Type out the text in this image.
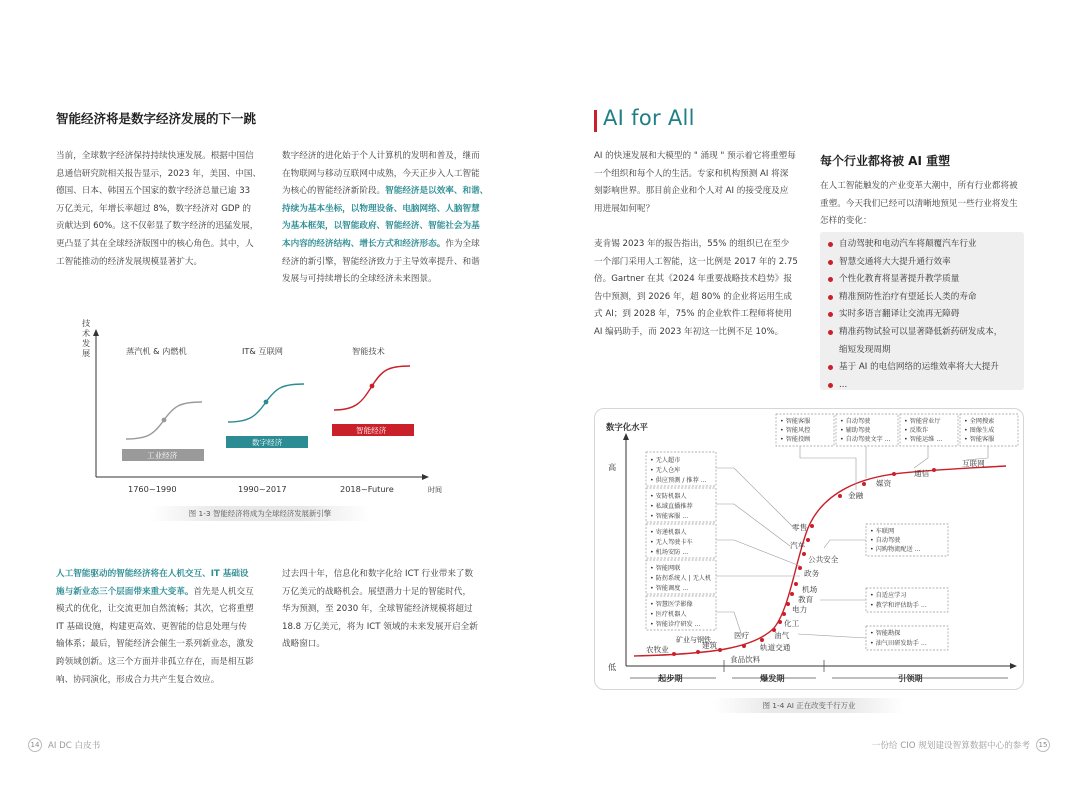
智能经济将是数字经济发展的下一跳
当前，全球数字经济保持持续快速发展。根据中国信
息通信研究院相关报告显示，2023 年，美国、中国、
德国、日本、韩国五个国家的数字经济总量已逾 33
万亿美元，年增长率超过 8%，数字经济对 GDP 的
贡献达到 60%。这不仅彰显了数字经济的迅猛发展，
更凸显了其在全球经济版图中的核心角色。其中，人
工智能推动的经济发展规模显著扩大。
数字经济的进化始于个人计算机的发明和普及，继而
在物联网与移动互联网中成熟，今天正步入人工智能
为核心的智能经济新阶段。智能经济是以效率、和谐、
持续为基本坐标，以物理设备、电脑网络、人脑智慧
为基本框架，以智能政府、智能经济、智能社会为基
本内容的经济结构、增长方式和经济形态。作为全球
经济的新引擎，智能经济致力于主导效率提升、和谐
发展与可持续增长的全球经济未来图景。
技
术
发
展	蒸汽机 & 内燃机	IT& 互联网	智能技术
工业经济
数字经济
智能经济
1760~1990	1990~2017	2018~Future	时间
图 1-3 智能经济将成为全球经济发展新引擎
人工智能驱动的智能经济将在人机交互、IT 基础设
施与新业态三个层面带来重大变革。首先是人机交互
模式的优化，让交流更加自然流畅；其次，它将重塑
IT 基础设施，构建更高效、更智能的信息处理与传
输体系；最后，智能经济会催生一系列新业态，激发
跨领域创新。这三个方面并非孤立存在，而是相互影
响、协同演化，形成合力共产生复合效应。
过去四十年，信息化和数字化给 ICT 行业带来了数
万亿美元的战略机会。展望潜力十足的智能时代，
华为预测，至 2030 年，全球智能经济规模将超过
18.8 万亿美元，将为 ICT 领域的未来发展开启全新
战略窗口。
14 AI DC 白皮书
AI for All
AI 的快速发展和大模型的 " 涌现 " 预示着它将重塑每
一个组织和每个人的生活。专家和机构预测 AI 将深
刻影响世界。那目前企业和个人对 AI 的接受度及应
用进展如何呢？
麦肯锡 2023 年的报告指出，55% 的组织已在至少
一个部门采用人工智能，这一比例是 2017 年的 2.75
倍。Gartner 在其《2024 年重要战略技术趋势》报
告中预测，到 2026 年，超 80% 的企业将运用生成
式 AI；到 2028 年，75% 的企业软件工程师将使用
AI 编码助手，而 2023 年初这一比例不足 10%。
每个行业都将被 AI 重塑
在人工智能触发的产业变革大潮中，所有行业都将被
重塑。今天我们已经可以清晰地预见一些行业将发生
怎样的变化：
自动驾驶和电动汽车将颠覆汽车行业
智慧交通将大大提升通行效率
个性化教育将显著提升教学质量
精准预防性治疗有望延长人类的寿命
实时多语言翻译让交流再无障碍
精准药物试验可以显著降低新药研发成本，
缩短发现周期
基于 AI 的电信网络的运维效率将大大提升
...
数字化水平
高
低
起步期	爆发期	引领期
农牧业
矿业与钢铁
建筑
医疗
食品饮料
轨道交通
油气
化工
电力
教育
机场
政务
公共安全
汽车
零售
金融
媒资
通信
互联网
• 无人超市
• 无人仓库
• 供应预测 / 推荐 ...
• 安防机器人
• 私域直播推荐
• 智能客服 ...
• 寄递机器人
• 无人驾驶卡车
• 机场安防 ...
• 智能网联
• 防拐系统人 | 无人机
• 智能调度 ...
• 智慧医学影像
• 医疗机器人
• 智能诊疗研发 ...
• 智能客服
• 智能风控
• 智能投顾
• 自动驾驶
• 辅助驾驶
• 自动驾驶文字 ...
• 智能营业厅
• 反欺诈
• 智能运维 ...
• 全网搜索
• 图像生成
• 智能客服
• 车联网
• 自动驾驶
• 闪购物流配送 ...
• 自适应学习
• 教学和评估助手 ...
• 智能勘探
• 油气田研发助手 ...
图 1-4 AI 正在改变千行万业
一份给 CIO 规划建设智算数据中心的参考	15
